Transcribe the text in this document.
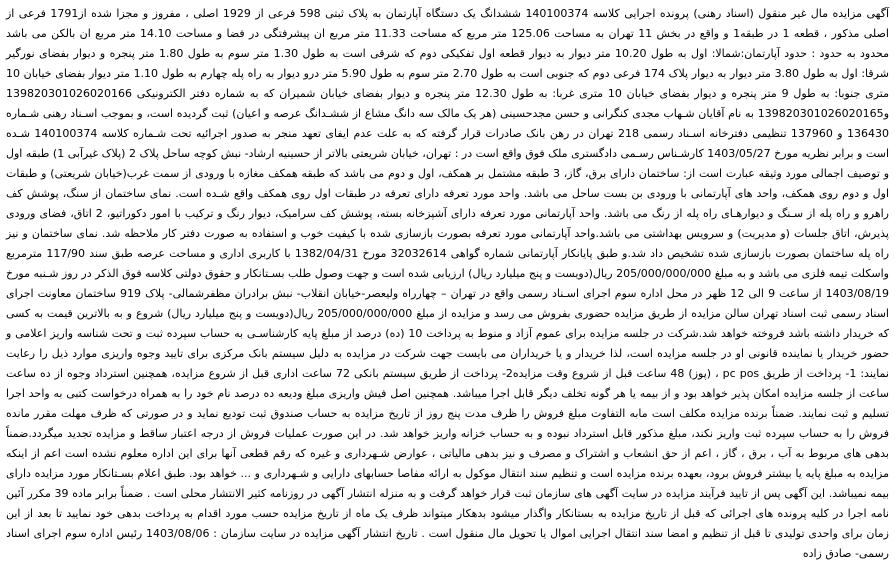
آگهی مزایده مال غیر منقول (اسناد رهنی) پرونده اجرایی کلاسه 140100374 ششدانگ یک دستگاه آپارتمان به پلاک ثبتی 598 فرعی از 1929 اصلی ، مفروز و مجزا شده از1791 فرعی از اصلی مذکور ، قطعه 1 در طبقه1 و واقع در بخش 11 تهران به مساحت 125.06 متر مربع که مساحت 11.33 متر مربع ان پیشرفتگی در فضا و مساحت 14.10 متر مربع ان بالکن می باشد محدود به حدود : حدود آپارتمان:شمالا: اول به طول 10.20 متر دیوار به دیوار قطعه اول تفکیکی دوم که شرقی است به طول 1.30 متر سوم به طول 1.80 متر پنجره و دیوار بفضای نورگیر شرقا: اول به طول 3.80 متر دیوار به دیوار پلاک 174 فرعی دوم که جنوبی است به طول 2.70 متر سوم به طول 5.90 متر درو دیوار به راه پله چهارم به طول 1.10 متر دیوار بفضای خیابان 10 متری جنوبا: به طول 9 متر پنجره و دیوار بفضای خیابان 10 متری غربا: به طول 12.30 متر پنجره و دیوار بفضای خیابان شمیران که به شماره دفتر الکترونیکی 139820301026020166 و139820301026020165 به نام آقایان شـهاب مجدی کنگرانی و حسن مجدحسینی (هر یک مالک سه دانگ مشاع از ششـدانگ عرصه و اعیان) ثبت گردیده است، و بموجب اسـناد رهنی شـماره 136430 و 137960 تنظیمی دفترخانه اسـناد رسمی 218 تهران در رهن بانک صادرات قرار گرفته که به علت عدم ایفای تعهد منجر به صدور اجرائیه تحت شـماره کلاسه 140100374 شـده است و برابر نظریه مورخ 1403/05/27 کارشـناس رسـمی دادگستری ملک فوق واقع است در : تهران، خیابان شریعتی بالاتر از حسینیه ارشاد- نبش کوچه ساحل پلاک 2 (پلاک غیرآبی 1) طبقه اول و توصیف اجمالی مورد وثیقه عبارت است از: ساختمان دارای برق، گاز، 3 طبقه مشتمل بر همکف، اول و دوم می باشد که طبقه همکف مغازه با ورودی از سمت غرب(خیابان شریعتی) و طبقات اول و دوم روی همکف، واحد های آپارتمانی با ورودی بن بست ساحل می باشد. واحد مورد تعرفه دارای تعرفه در طبقات اول روی همکف واقع شـده است. نمای ساختمان از سنگ، پوشش کف راهرو و راه پله از سـنگ و دیوارهـای راه پله از رنگ می باشد. واحد آپارتمانی مورد تعرفه دارای آشپزخانه بسته، پوشش کف سرامیک، دیوار رنگ و ترکیب با امور دکوراتیو، 2 اتاق، فضای ورودی پذیرش، اتاق جلسات (و مدیریت) و سرویس بهداشتی می باشد.واحد آپارتمانی مورد تعرفه بصورت بازسازی شده با کیفیت خوب و استفاده به صورت دفتر کار ملاحظه شد. نمای ساختمان و نیز راه پله ساختمان بصورت بازسازی شده تشخیص داد شد.و طبق پایانکار آپارتمانی شماره گواهی 32032614 مورخ 1382/04/31 با کاربری اداری و مساحت عرصه طبق سند 117/90 مترمربع واسکلت تیمه فلزی می باشد و به مبلغ 205/000/000/000 ریال(دویست و پنج میلیارد ریال) ارزیابی شده است و جهت وصول طلب بسـتانکار و حقوق دولتی کلاسه فوق الذکر در روز شـنبه مورخ 1403/08/19 از ساعت 9 الی 12 ظهر در محل اداره سوم اجرای اسـناد رسمی واقع در تهران – چهارراه ولیعصر-خیابان انقلاب- نبش برادران مظفرشمالی- پلاک 919 ساختمان معاونت اجرای اسناد رسمی ثبت اسناد تهران سالن مزایده از طریق مزایده حضوری بفروش می رسد و مزایده از مبلغ 205/000/000/000 ریال(دویست و پنج میلیارد ریال) شروع و به بالاترین قیمت به کسی که خریدار داشته باشد فروخته خواهد شد.شرکت در جلسه مزایده برای عموم آزاد و منوط به پرداخت 10 (ده) درصد از مبلغ پایه کارشناسـی به حساب سپرده ثبت و تحت شناسه واریز اعلامی و حضور خریدار یا نماینده قانونی او در جلسه مزایده است، لذا خریدار و یا خریداران می بایست جهت شرکت در مزایده به دلیل سیستم بانک مرکزی برای تایید وجوه واریزی موارد ذیل را رعایت نمایند: 1- پرداخت از طریق pc pos ، (پوز) 48 ساعت قبل از شروع وقت مزایده2- پرداخت از طریق سیستم بانکی 72 ساعت اداری قبل از شروع مزایده، همچنین استرداد وجوه از ده ساعت ساعت از جلسه مزایده امکان پذیر خواهد بود و از بیمه یا هر گونه تخلف دیگر قابل اجرا میباشد. همچنین اصل فیش واریزی مبلغ ودیعه ده درصد نام خود را به همراه درخواست کتبی به واحد اجرا تسلیم و ثبت نمایند. ضمناً برنده مزایده مکلف است مابه التفاوت مبلغ فروش را ظرف مدت پنج روز از تاریخ مزایده به حساب صندوق ثبت تودیع نماید و در صورتی که ظرف مهلت مقرر مانده فروش را به حساب سپرده ثبت واریز نکند، مبلغ مذکور قابل استرداد نبوده و به حساب خزانه واریز خواهد شد. در این صورت عملیات فروش از درجه اعتبار ساقط و مزایده تجدید میگردد.ضمناً بدهی های مربوط به آب ، برق ، گاز ، اعم از حق انشعاب و اشتراک و مصرف و نیز بدهی مالیاتی ، عوارض شـهرداری و غیره که رقم قطعی آنها برای این اداره معلوم نشده است اعم از اینکه مزایده به مبلغ پایه یا بیشتر فروش برود، بعهده برنده مزایده است و تنظیم سند انتقال موکول به ارائه مفاصا حسابهای دارایی و شـهرداری و ... خواهد بود. طبق اعلام بسـتانکار مورد مزایده دارای بیمه نمیباشد. این آگهی پس از تایید فرآیند مزایده در سایت آگهی های سازمان ثبت قرار خواهد گرفت و به منزله انتشار آگهی در روزنامه کثیر الانتشار محلی است . ضمناً برابر ماده 39 مکرر آئین نامه اجرا در کلیه پرونده های اجرائی که قبل از تاریخ مزایده به بستانکار واگذار میشود بدهکار میتواند ظرف یک ماه از تاریخ مزایده حسب مورد اقدام به پرداخت بدهی خود نمایید تا بعد از این زمان برای واحدی تولیدی تا قبل از تنظیم و امضا سند انتقال اجرایی اموال یا تحویل مال منقول است . تاریخ انتشار آگهی مزایده در سایت سازمان : 1403/08/06 رئیس اداره سوم اجرای اسناد رسمی- صادق زاده
